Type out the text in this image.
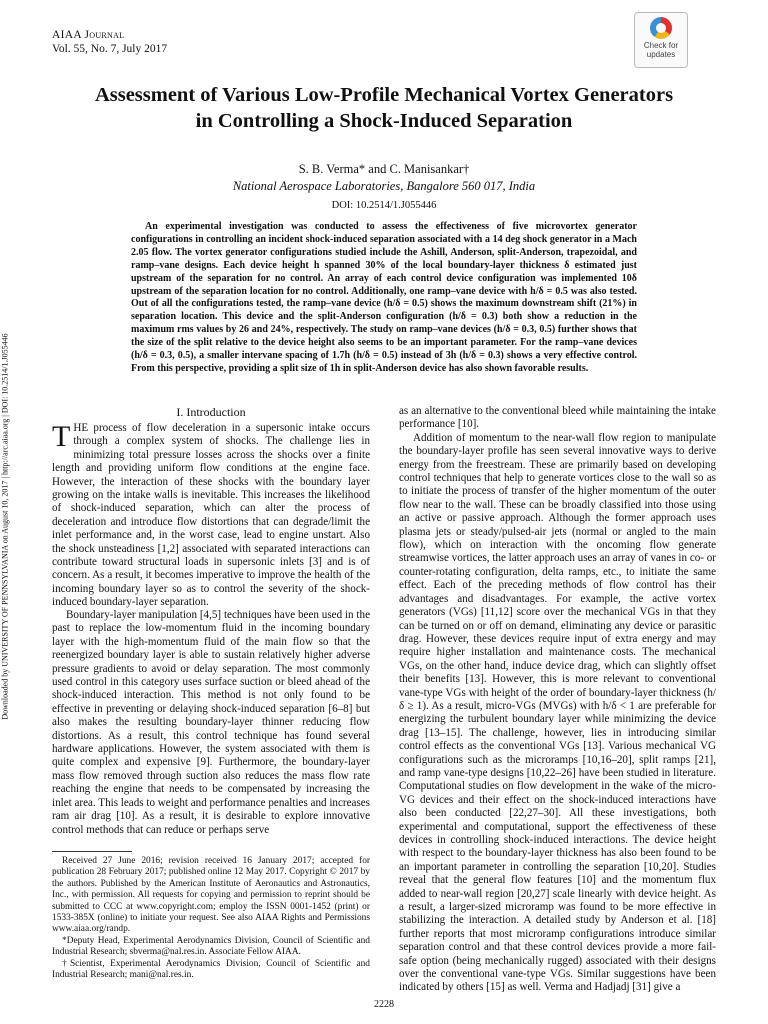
Downloaded by UNIVERSITY OF PENNSYLVANIA on August 10, 2017 | http://arc.aiaa.org | DOI: 10.2514/1.J055446
AIAA Journal
Vol. 55, No. 7, July 2017	Check for
updates
Assessment of Various Low-Profile Mechanical Vortex Generators
in Controlling a Shock-Induced Separation
S. B. Verma* and C. Manisankar†
National Aerospace Laboratories, Bangalore 560 017, India
DOI: 10.2514/1.J055446
An experimental investigation was conducted to assess the effectiveness of five microvortex generator configurations in controlling an incident shock-induced separation associated with a 14 deg shock generator in a Mach 2.05 flow. The vortex generator configurations studied include the Ashill, Anderson, split-Anderson, trapezoidal, and ramp–vane designs. Each device height h spanned 30% of the local boundary-layer thickness δ estimated just upstream of the separation for no control. An array of each control device configuration was implemented 10δ upstream of the separation location for no control. Additionally, one ramp–vane device with h/δ = 0.5 was also tested. Out of all the configurations tested, the ramp–vane device (h/δ = 0.5) shows the maximum downstream shift (21%) in separation location. This device and the split-Anderson configuration (h/δ = 0.3) both show a reduction in the maximum rms values by 26 and 24%, respectively. The study on ramp–vane devices (h/δ = 0.3, 0.5) further shows that the size of the split relative to the device height also seems to be an important parameter. For the ramp–vane devices (h/δ = 0.3, 0.5), a smaller intervane spacing of 1.7h (h/δ = 0.5) instead of 3h (h/δ = 0.3) shows a very effective control. From this perspective, providing a split size of 1h in split-Anderson device has also shown favorable results.
I. Introduction
THE process of flow deceleration in a supersonic intake occurs through a complex system of shocks. The challenge lies in minimizing total pressure losses across the shocks over a finite length and providing uniform flow conditions at the engine face. However, the interaction of these shocks with the boundary layer growing on the intake walls is inevitable. This increases the likelihood of shock-induced separation, which can alter the process of deceleration and introduce flow distortions that can degrade/limit the inlet performance and, in the worst case, lead to engine unstart. Also the shock unsteadiness [1,2] associated with separated interactions can contribute toward structural loads in supersonic inlets [3] and is of concern. As a result, it becomes imperative to improve the health of the incoming boundary layer so as to control the severity of the shock-induced boundary-layer separation.
Boundary-layer manipulation [4,5] techniques have been used in the past to replace the low-momentum fluid in the incoming boundary layer with the high-momentum fluid of the main flow so that the reenergized boundary layer is able to sustain relatively higher adverse pressure gradients to avoid or delay separation. The most commonly used control in this category uses surface suction or bleed ahead of the shock-induced interaction. This method is not only found to be effective in preventing or delaying shock-induced separation [6–8] but also makes the resulting boundary-layer thinner reducing flow distortions. As a result, this control technique has found several hardware applications. However, the system associated with them is quite complex and expensive [9]. Furthermore, the boundary-layer mass flow removed through suction also reduces the mass flow rate reaching the engine that needs to be compensated by increasing the inlet area. This leads to weight and performance penalties and increases ram air drag [10]. As a result, it is desirable to explore innovative control methods that can reduce or perhaps serve

Received 27 June 2016; revision received 16 January 2017; accepted for publication 28 February 2017; published online 12 May 2017. Copyright © 2017 by the authors. Published by the American Institute of Aeronautics and Astronautics, Inc., with permission. All requests for copying and permission to reprint should be submitted to CCC at www.copyright.com; employ the ISSN 0001-1452 (print) or 1533-385X (online) to initiate your request. See also AIAA Rights and Permissions www.aiaa.org/randp.

*Deputy Head, Experimental Aerodynamics Division, Council of Scientific and Industrial Research; sbverma@nal.res.in. Associate Fellow AIAA.

†Scientist, Experimental Aerodynamics Division, Council of Scientific and Industrial Research; mani@nal.res.in.

as an alternative to the conventional bleed while maintaining the intake performance [10].

Addition of momentum to the near-wall flow region to manipulate the boundary-layer profile has seen several innovative ways to derive energy from the freestream. These are primarily based on developing control techniques that help to generate vortices close to the wall so as to initiate the process of transfer of the higher momentum of the outer flow near to the wall. These can be broadly classified into those using an active or passive approach. Although the former approach uses plasma jets or steady/pulsed-air jets (normal or angled to the main flow), which on interaction with the oncoming flow generate streamwise vortices, the latter approach uses an array of vanes in co- or counter-rotating configuration, delta ramps, etc., to initiate the same effect. Each of the preceding methods of flow control has their advantages and disadvantages. For example, the active vortex generators (VGs) [11,12] score over the mechanical VGs in that they can be turned on or off on demand, eliminating any device or parasitic drag. However, these devices require input of extra energy and may require higher installation and maintenance costs. The mechanical VGs, on the other hand, induce device drag, which can slightly offset their benefits [13]. However, this is more relevant to conventional vane-type VGs with height of the order of boundary-layer thickness (h/δ ≥ 1). As a result, micro-VGs (MVGs) with h/δ < 1 are preferable for energizing the turbulent boundary layer while minimizing the device drag [13–15]. The challenge, however, lies in introducing similar control effects as the conventional VGs [13]. Various mechanical VG configurations such as the microramps [10,16–20], split ramps [21], and ramp vane-type designs [10,22–26] have been studied in literature. Computational studies on flow development in the wake of the micro-VG devices and their effect on the shock-induced interactions have also been conducted [22,27–30]. All these investigations, both experimental and computational, support the effectiveness of these devices in controlling shock-induced interactions. The device height with respect to the boundary-layer thickness has also been found to be an important parameter in controlling the separation [10,20]. Studies reveal that the general flow features [10] and the momentum flux added to near-wall region [20,27] scale linearly with device height. As a result, a larger-sized microramp was found to be more effective in stabilizing the interaction. A detailed study by Anderson et al. [18] further reports that most microramp configurations introduce similar separation control and that these control devices provide a more fail-safe option (being mechanically rugged) associated with their designs over the conventional vane-type VGs. Similar suggestions have been indicated by others [15] as well. Verma and Hadjadj [31] give a

2228
